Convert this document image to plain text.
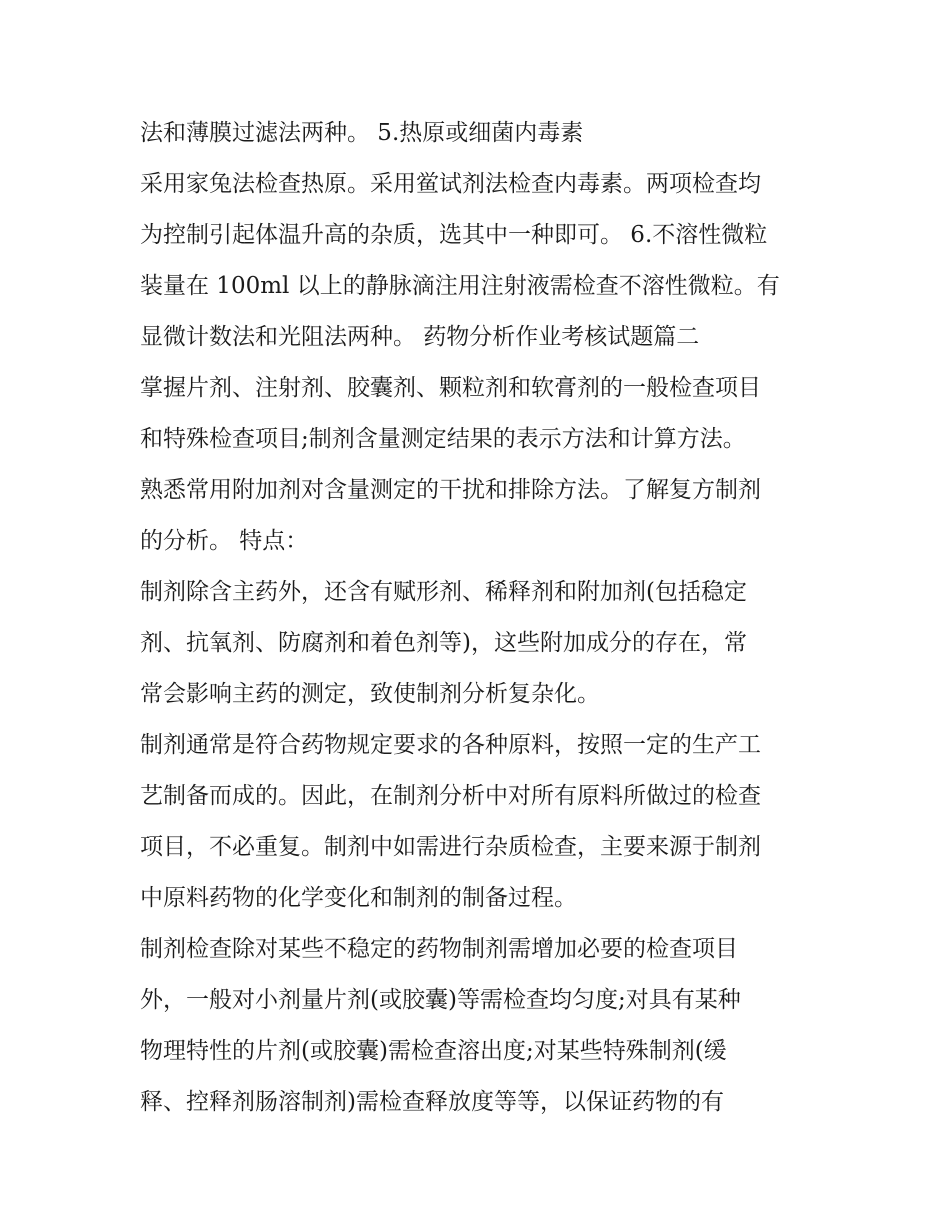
法和薄膜过滤法两种。 5.热原或细菌内毒素
采用家兔法检查热原。采用鲎试剂法检查内毒素。两项检查均
为控制引起体温升高的杂质，选其中一种即可。 6.不溶性微粒
装量在 100ml 以上的静脉滴注用注射液需检查不溶性微粒。有
显微计数法和光阻法两种。 药物分析作业考核试题篇二
掌握片剂、注射剂、胶囊剂、颗粒剂和软膏剂的一般检查项目
和特殊检查项目;制剂含量测定结果的表示方法和计算方法。
熟悉常用附加剂对含量测定的干扰和排除方法。了解复方制剂
的分析。 特点：
制剂除含主药外，还含有赋形剂、稀释剂和附加剂(包括稳定
剂、抗氧剂、防腐剂和着色剂等)，这些附加成分的存在，常
常会影响主药的测定，致使制剂分析复杂化。
制剂通常是符合药物规定要求的各种原料，按照一定的生产工
艺制备而成的。因此，在制剂分析中对所有原料所做过的检查
项目，不必重复。制剂中如需进行杂质检查，主要来源于制剂
中原料药物的化学变化和制剂的制备过程。
制剂检查除对某些不稳定的药物制剂需增加必要的检查项目
外，一般对小剂量片剂(或胶囊)等需检查均匀度;对具有某种
物理特性的片剂(或胶囊)需检查溶出度;对某些特殊制剂(缓
释、控释剂肠溶制剂)需检查释放度等等，以保证药物的有
